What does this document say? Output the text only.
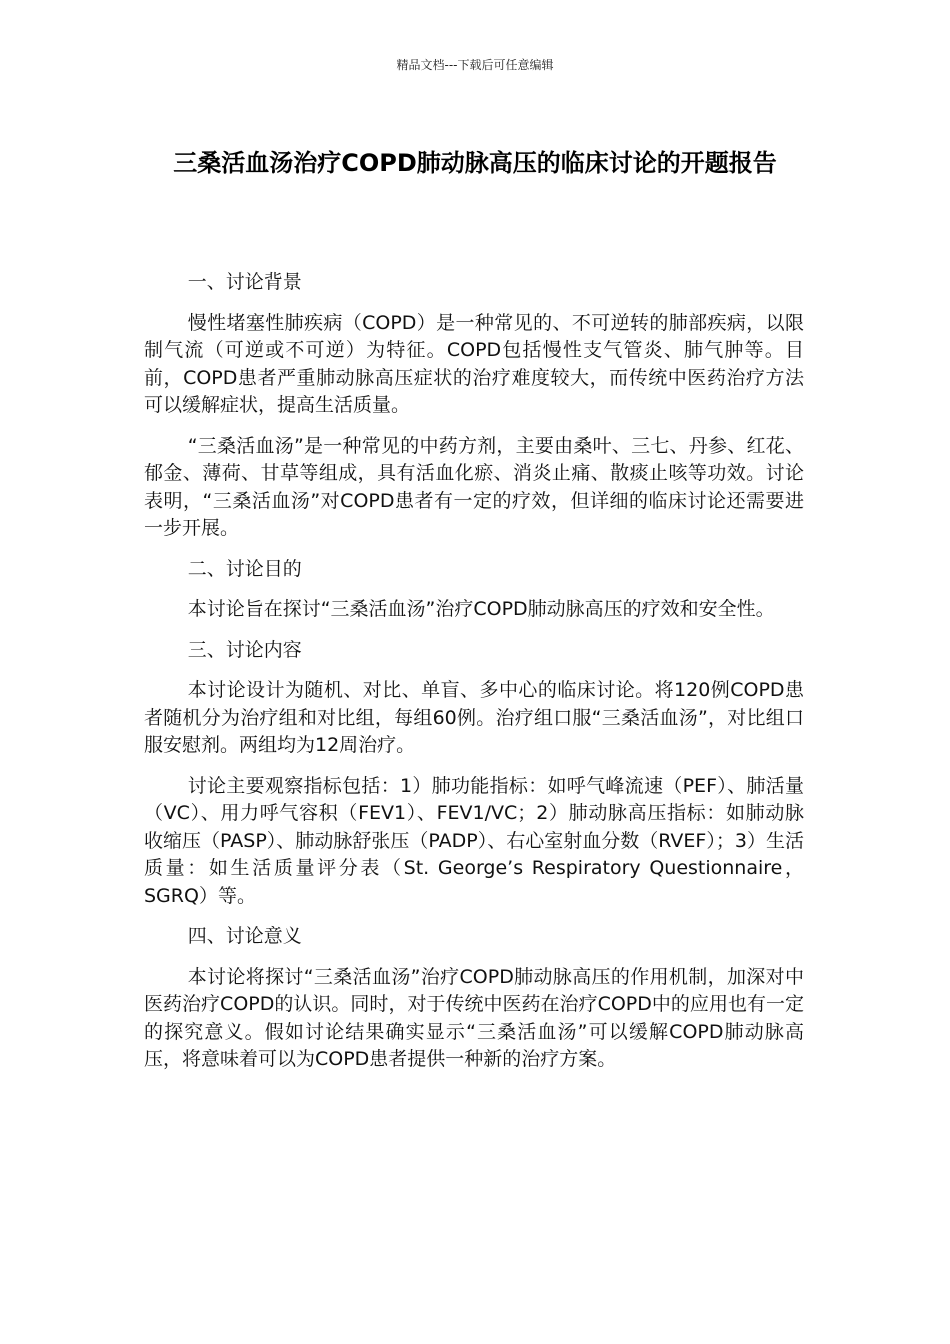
精品文档---下载后可任意编辑
三桑活血汤治疗COPD肺动脉高压的临床讨论的开题报告

一、讨论背景

慢性堵塞性肺疾病（COPD）是一种常见的、不可逆转的肺部疾病，以限制气流（可逆或不可逆）为特征。COPD包括慢性支气管炎、肺气肿等。目前，COPD患者严重肺动脉高压症状的治疗难度较大，而传统中医药治疗方法可以缓解症状，提高生活质量。

“三桑活血汤”是一种常见的中药方剂，主要由桑叶、三七、丹参、红花、郁金、薄荷、甘草等组成，具有活血化瘀、消炎止痛、散痰止咳等功效。讨论表明，“三桑活血汤”对COPD患者有一定的疗效，但详细的临床讨论还需要进一步开展。

二、讨论目的

本讨论旨在探讨“三桑活血汤”治疗COPD肺动脉高压的疗效和安全性。

三、讨论内容

本讨论设计为随机、对比、单盲、多中心的临床讨论。将120例COPD患者随机分为治疗组和对比组，每组60例。治疗组口服“三桑活血汤”，对比组口服安慰剂。两组均为12周治疗。

讨论主要观察指标包括：1）肺功能指标：如呼气峰流速（PEF）、肺活量（VC）、用力呼气容积（FEV1）、FEV1/VC；2）肺动脉高压指标：如肺动脉收缩压（PASP）、肺动脉舒张压（PADP）、右心室射血分数（RVEF）；3）生活质量：如生活质量评分表（St. George’s Respiratory Questionnaire，SGRQ）等。

四、讨论意义

本讨论将探讨“三桑活血汤”治疗COPD肺动脉高压的作用机制，加深对中医药治疗COPD的认识。同时，对于传统中医药在治疗COPD中的应用也有一定的探究意义。假如讨论结果确实显示“三桑活血汤”可以缓解COPD肺动脉高压，将意味着可以为COPD患者提供一种新的治疗方案。
